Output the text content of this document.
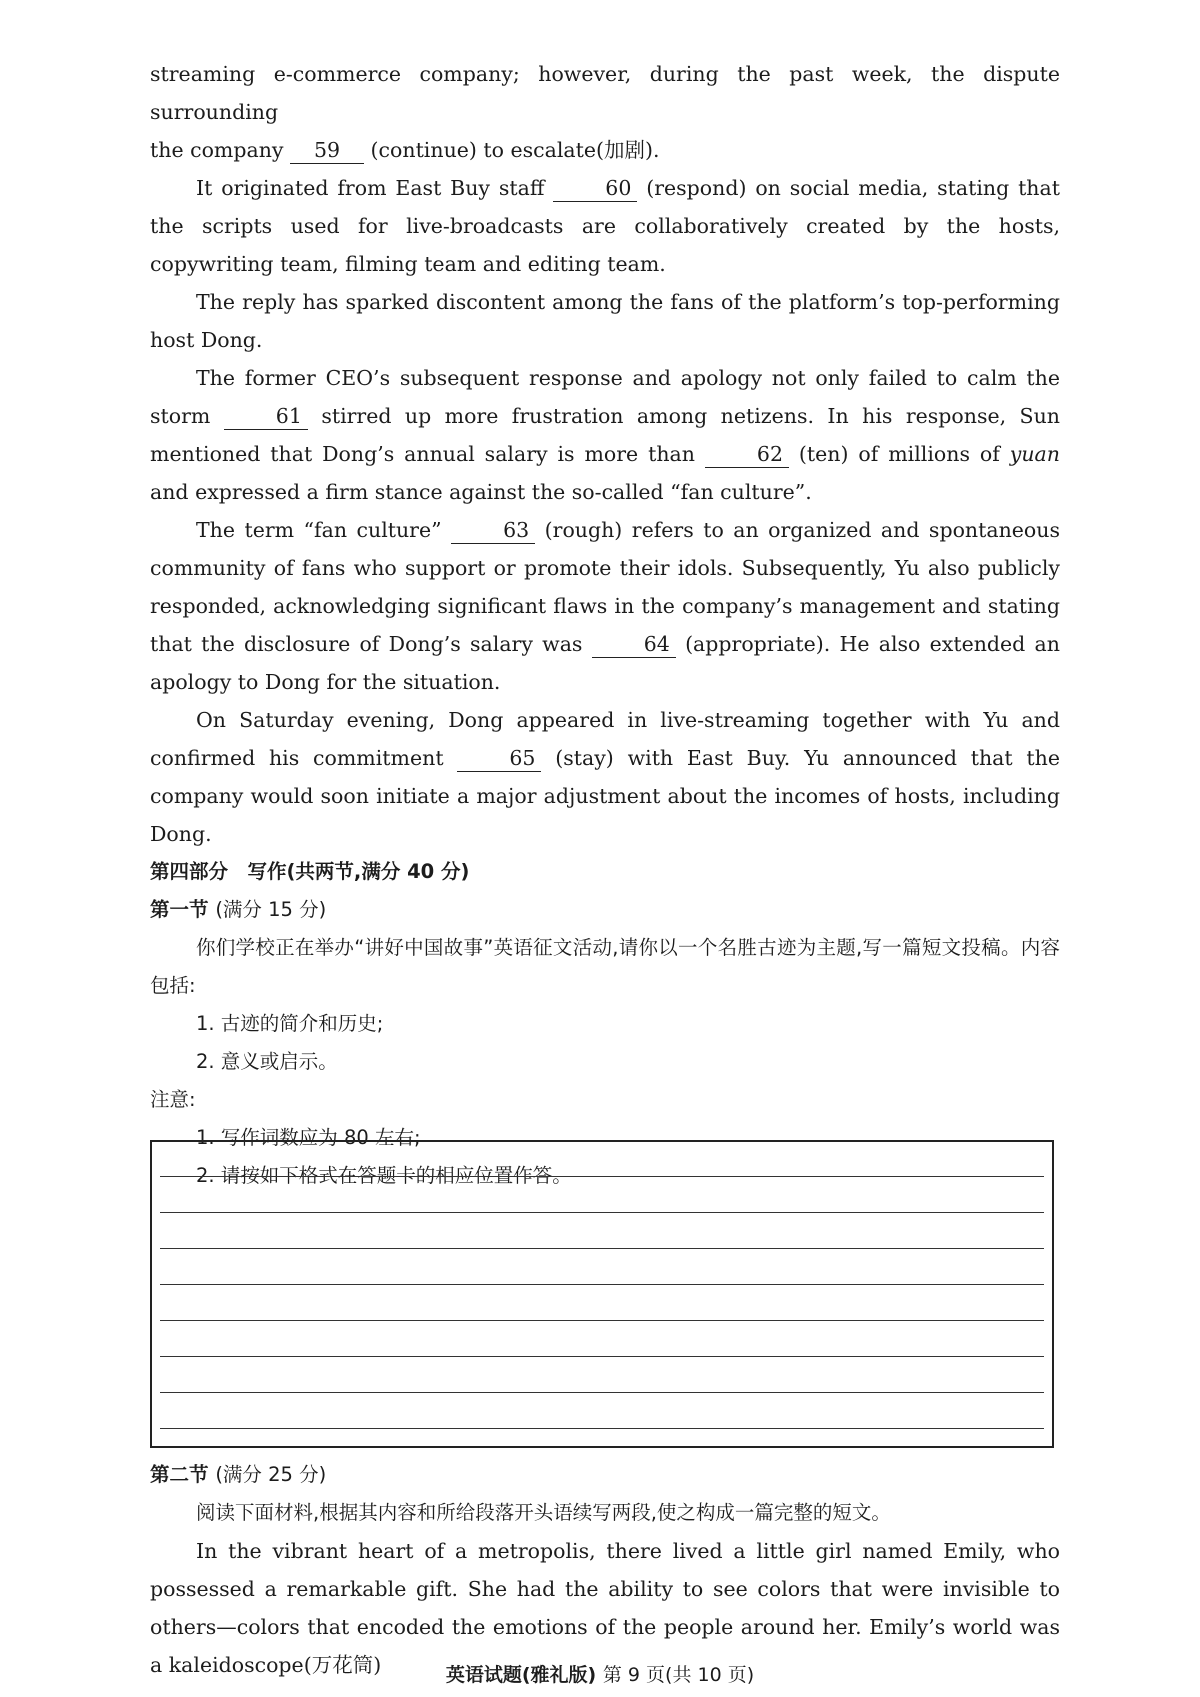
streaming e-commerce company; however, during the past week, the dispute surrounding
the company 59 (continue) to escalate(加剧).

It originated from East Buy staff	60 (respond) on social media, stating that the scripts used for live-broadcasts are collaboratively created by the hosts, copywriting team, filming team and editing team.

The reply has sparked discontent among the fans of the platform’s top-performing host Dong.

The former CEO’s subsequent response and apology not only failed to calm the storm	61 stirred up more frustration among netizens. In his response, Sun mentioned that Dong’s annual salary is more than	62 (ten) of millions of yuan and expressed a firm stance against the so-called “fan culture”.

The term “fan culture”	63 (rough) refers to an organized and spontaneous community of fans who support or promote their idols. Subsequently, Yu also publicly responded, acknowledging significant flaws in the company’s management and stating that the disclosure of Dong’s salary was	64 (appropriate). He also extended an apology to Dong for the situation.

On Saturday evening, Dong appeared in live-streaming together with Yu and confirmed his commitment	65 (stay) with East Buy. Yu announced that the company would soon initiate a major adjustment about the incomes of hosts, including Dong.

第四部分　写作(共两节,满分 40 分)
第一节 (满分 15 分)

你们学校正在举办“讲好中国故事”英语征文活动,请你以一个名胜古迹为主题,写一篇短文投稿。内容包括:

1. 古迹的简介和历史;

2. 意义或启示。

注意:

1. 写作词数应为 80 左右;

2. 请按如下格式在答题卡的相应位置作答。

第二节 (满分 25 分)

阅读下面材料,根据其内容和所给段落开头语续写两段,使之构成一篇完整的短文。

In the vibrant heart of a metropolis, there lived a little girl named Emily, who possessed a remarkable gift. She had the ability to see colors that were invisible to others—colors that encoded the emotions of the people around her. Emily’s world was a kaleidoscope(万花筒)	英语试题(雅礼版) 第 9 页(共 10 页)
